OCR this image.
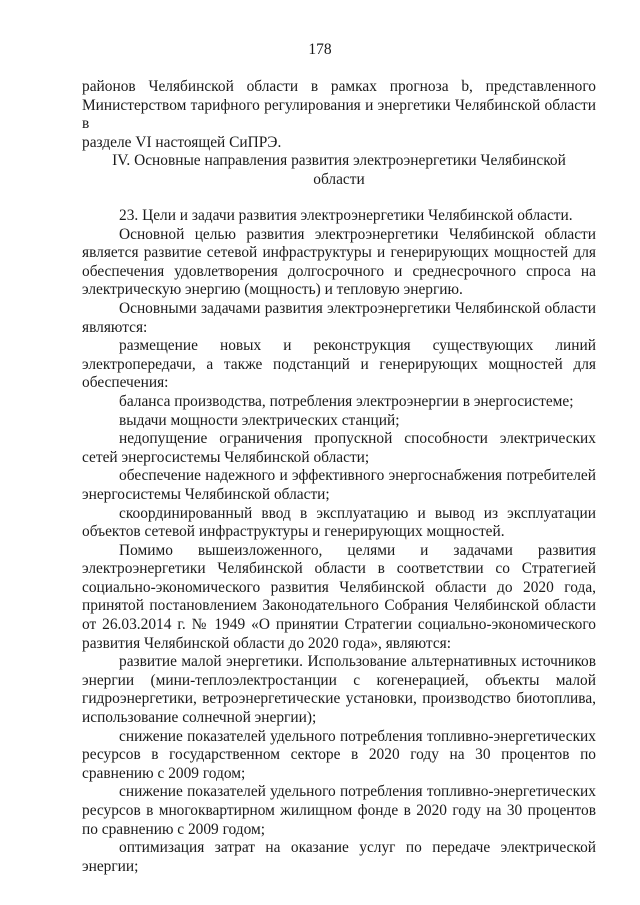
178

районов Челябинской области в рамках прогноза b, представленного

Министерством тарифного регулирования и энергетики Челябинской области в

разделе VI настоящей СиПРЭ.

IV. Основные направления развития электроэнергетики Челябинской
области

23. Цели и задачи развития электроэнергетики Челябинской области.

Основной целью развития электроэнергетики Челябинской области является развитие сетевой инфраструктуры и генерирующих мощностей для обеспечения удовлетворения долгосрочного и среднесрочного спроса на электрическую энергию (мощность) и тепловую энергию.

Основными задачами развития электроэнергетики Челябинской области являются:

размещение новых и реконструкция существующих линий электропередачи, а также подстанций и генерирующих мощностей для обеспечения:

баланса производства, потребления электроэнергии в энергосистеме;

выдачи мощности электрических станций;

недопущение ограничения пропускной способности электрических сетей энергосистемы Челябинской области;

обеспечение надежного и эффективного энергоснабжения потребителей энергосистемы Челябинской области;

скоординированный ввод в эксплуатацию и вывод из эксплуатации объектов сетевой инфраструктуры и генерирующих мощностей.

Помимо вышеизложенного, целями и задачами развития электроэнергетики Челябинской области в соответствии со Стратегией социально-экономического развития Челябинской области до 2020 года, принятой постановлением Законодательного Собрания Челябинской области от 26.03.2014 г. № 1949 «О принятии Стратегии социально-экономического развития Челябинской области до 2020 года», являются:

развитие малой энергетики. Использование альтернативных источников энергии (мини-теплоэлектростанции с когенерацией, объекты малой гидроэнергетики, ветроэнергетические установки, производство биотоплива, использование солнечной энергии);

снижение показателей удельного потребления топливно-энергетических ресурсов в государственном секторе в 2020 году на 30 процентов по сравнению с 2009 годом;

снижение показателей удельного потребления топливно-энергетических ресурсов в многоквартирном жилищном фонде в 2020 году на 30 процентов по сравнению с 2009 годом;

оптимизация затрат на оказание услуг по передаче электрической энергии;
